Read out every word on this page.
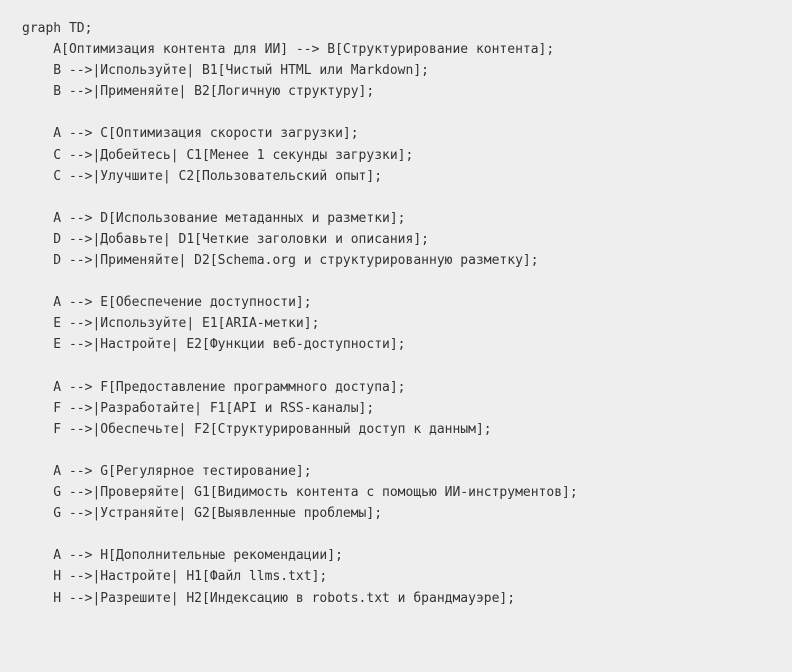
graph TD;
A[Оптимизация контента для ИИ] --> B[Структурирование контента];
B -->|Используйте| B1[Чистый HTML или Markdown];
B -->|Применяйте| B2[Логичную структуру];

A --> C[Оптимизация скорости загрузки];
C -->|Добейтесь| C1[Менее 1 секунды загрузки];
C -->|Улучшите| C2[Пользовательский опыт];

A --> D[Использование метаданных и разметки];
D -->|Добавьте| D1[Четкие заголовки и описания];
D -->|Применяйте| D2[Schema.org и структурированную разметку];

A --> E[Обеспечение доступности];
E -->|Используйте| E1[ARIA-метки];
E -->|Настройте| E2[Функции веб-доступности];

A --> F[Предоставление программного доступа];
F -->|Разработайте| F1[API и RSS-каналы];
F -->|Обеспечьте| F2[Структурированный доступ к данным];

A --> G[Регулярное тестирование];
G -->|Проверяйте| G1[Видимость контента с помощью ИИ-инструментов];
G -->|Устраняйте| G2[Выявленные проблемы];

A --> H[Дополнительные рекомендации];
H -->|Настройте| H1[Файл llms.txt];
H -->|Разрешите| H2[Индексацию в robots.txt и брандмауэре];
